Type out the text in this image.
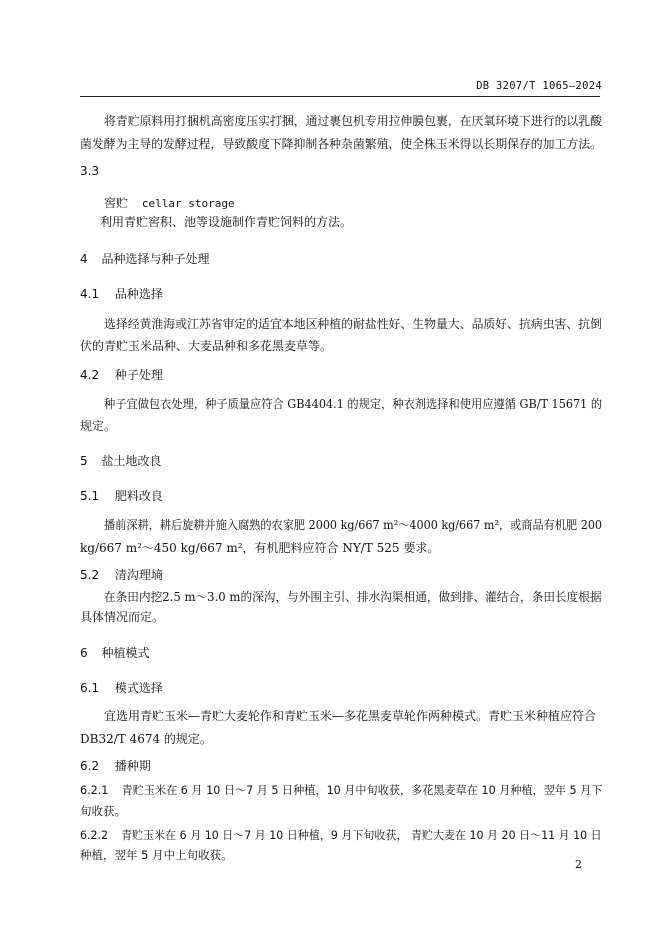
DB 3207/T 1065—2024
将青贮原料用打捆机高密度压实打捆，通过裹包机专用拉伸膜包裹，在厌氧环境下进行的以乳酸
菌发酵为主导的发酵过程，导致酸度下降抑制各种杂菌繁殖，使全株玉米得以长期保存的加工方法。
3.3
窖贮 cellar storage
利用青贮窖积、池等设施制作青贮饲料的方法。
4 品种选择与种子处理
4.1 品种选择
选择经黄淮海或江苏省审定的适宜本地区种植的耐盐性好、生物量大、品质好、抗病虫害、抗倒
伏的青贮玉米品种、大麦品种和多花黑麦草等。
4.2 种子处理
种子宜做包衣处理，种子质量应符合 GB4404.1 的规定，种衣剂选择和使用应遵循 GB/T 15671 的
规定。
5 盐土地改良
5.1 肥料改良
播前深耕，耕后旋耕并施入腐熟的农家肥 2000 kg/667 m²～4000 kg/667 m²，或商品有机肥 200
kg/667 m²～450 kg/667 m²，有机肥料应符合 NY/T 525 要求。
5.2 清沟理墒
在条田内挖2.5 m～3.0 m的深沟，与外围主引、排水沟渠相通，做到排、灌结合，条田长度根据
具体情况而定。
6 种植模式
6.1 模式选择
宜选用青贮玉米—青贮大麦轮作和青贮玉米—多花黑麦草轮作两种模式。青贮玉米种植应符合
DB32/T 4674 的规定。
6.2 播种期
6.2.1 青贮玉米在 6 月 10 日～7 月 5 日种植，10 月中旬收获，多花黑麦草在 10 月种植，翌年 5 月下
旬收获。
6.2.2 青贮玉米在 6 月 10 日～7 月 10 日种植，9 月下旬收获， 青贮大麦在 10 月 20 日～11 月 10 日
种植，翌年 5 月中上旬收获。
2
